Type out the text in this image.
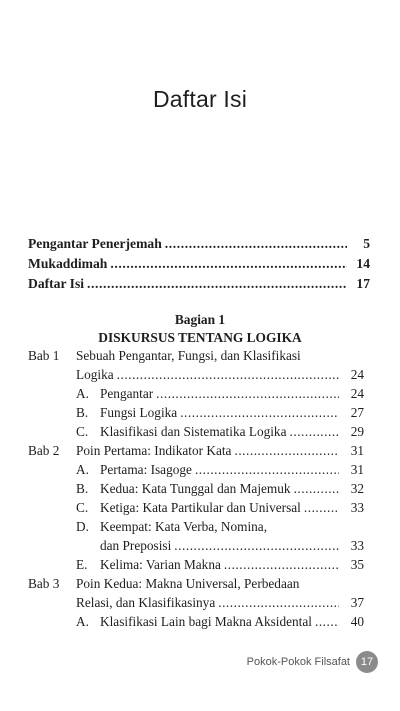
Daftar Isi
Pengantar Penerjemah . . .	5
Mukaddimah . . .	14
Daftar Isi . . .	17
Bagian 1
DISKURSUS TENTANG LOGIKA
Bab 1 Sebuah Pengantar, Fungsi, dan Klasifikasi
Logika . . .	24
A. Pengantar . . .	24
B. Fungsi Logika . . .	27
C. Klasifikasi dan Sistematika Logika . . .	29
Bab 2 Poin Pertama: Indikator Kata . . .	31
A. Pertama: Isagoge . . .	31
B. Kedua: Kata Tunggal dan Majemuk . . .	32
C. Ketiga: Kata Partikular dan Universal . . .	33
D. Keempat: Kata Verba, Nomina,
dan Preposisi . . .	33
E. Kelima: Varian Makna . . .	35
Bab 3 Poin Kedua: Makna Universal, Perbedaan
Relasi, dan Klasifikasinya . . .	37
A. Klasifikasi Lain bagi Makna Aksidental . . .	40
Pokok-Pokok Filsafat 17
